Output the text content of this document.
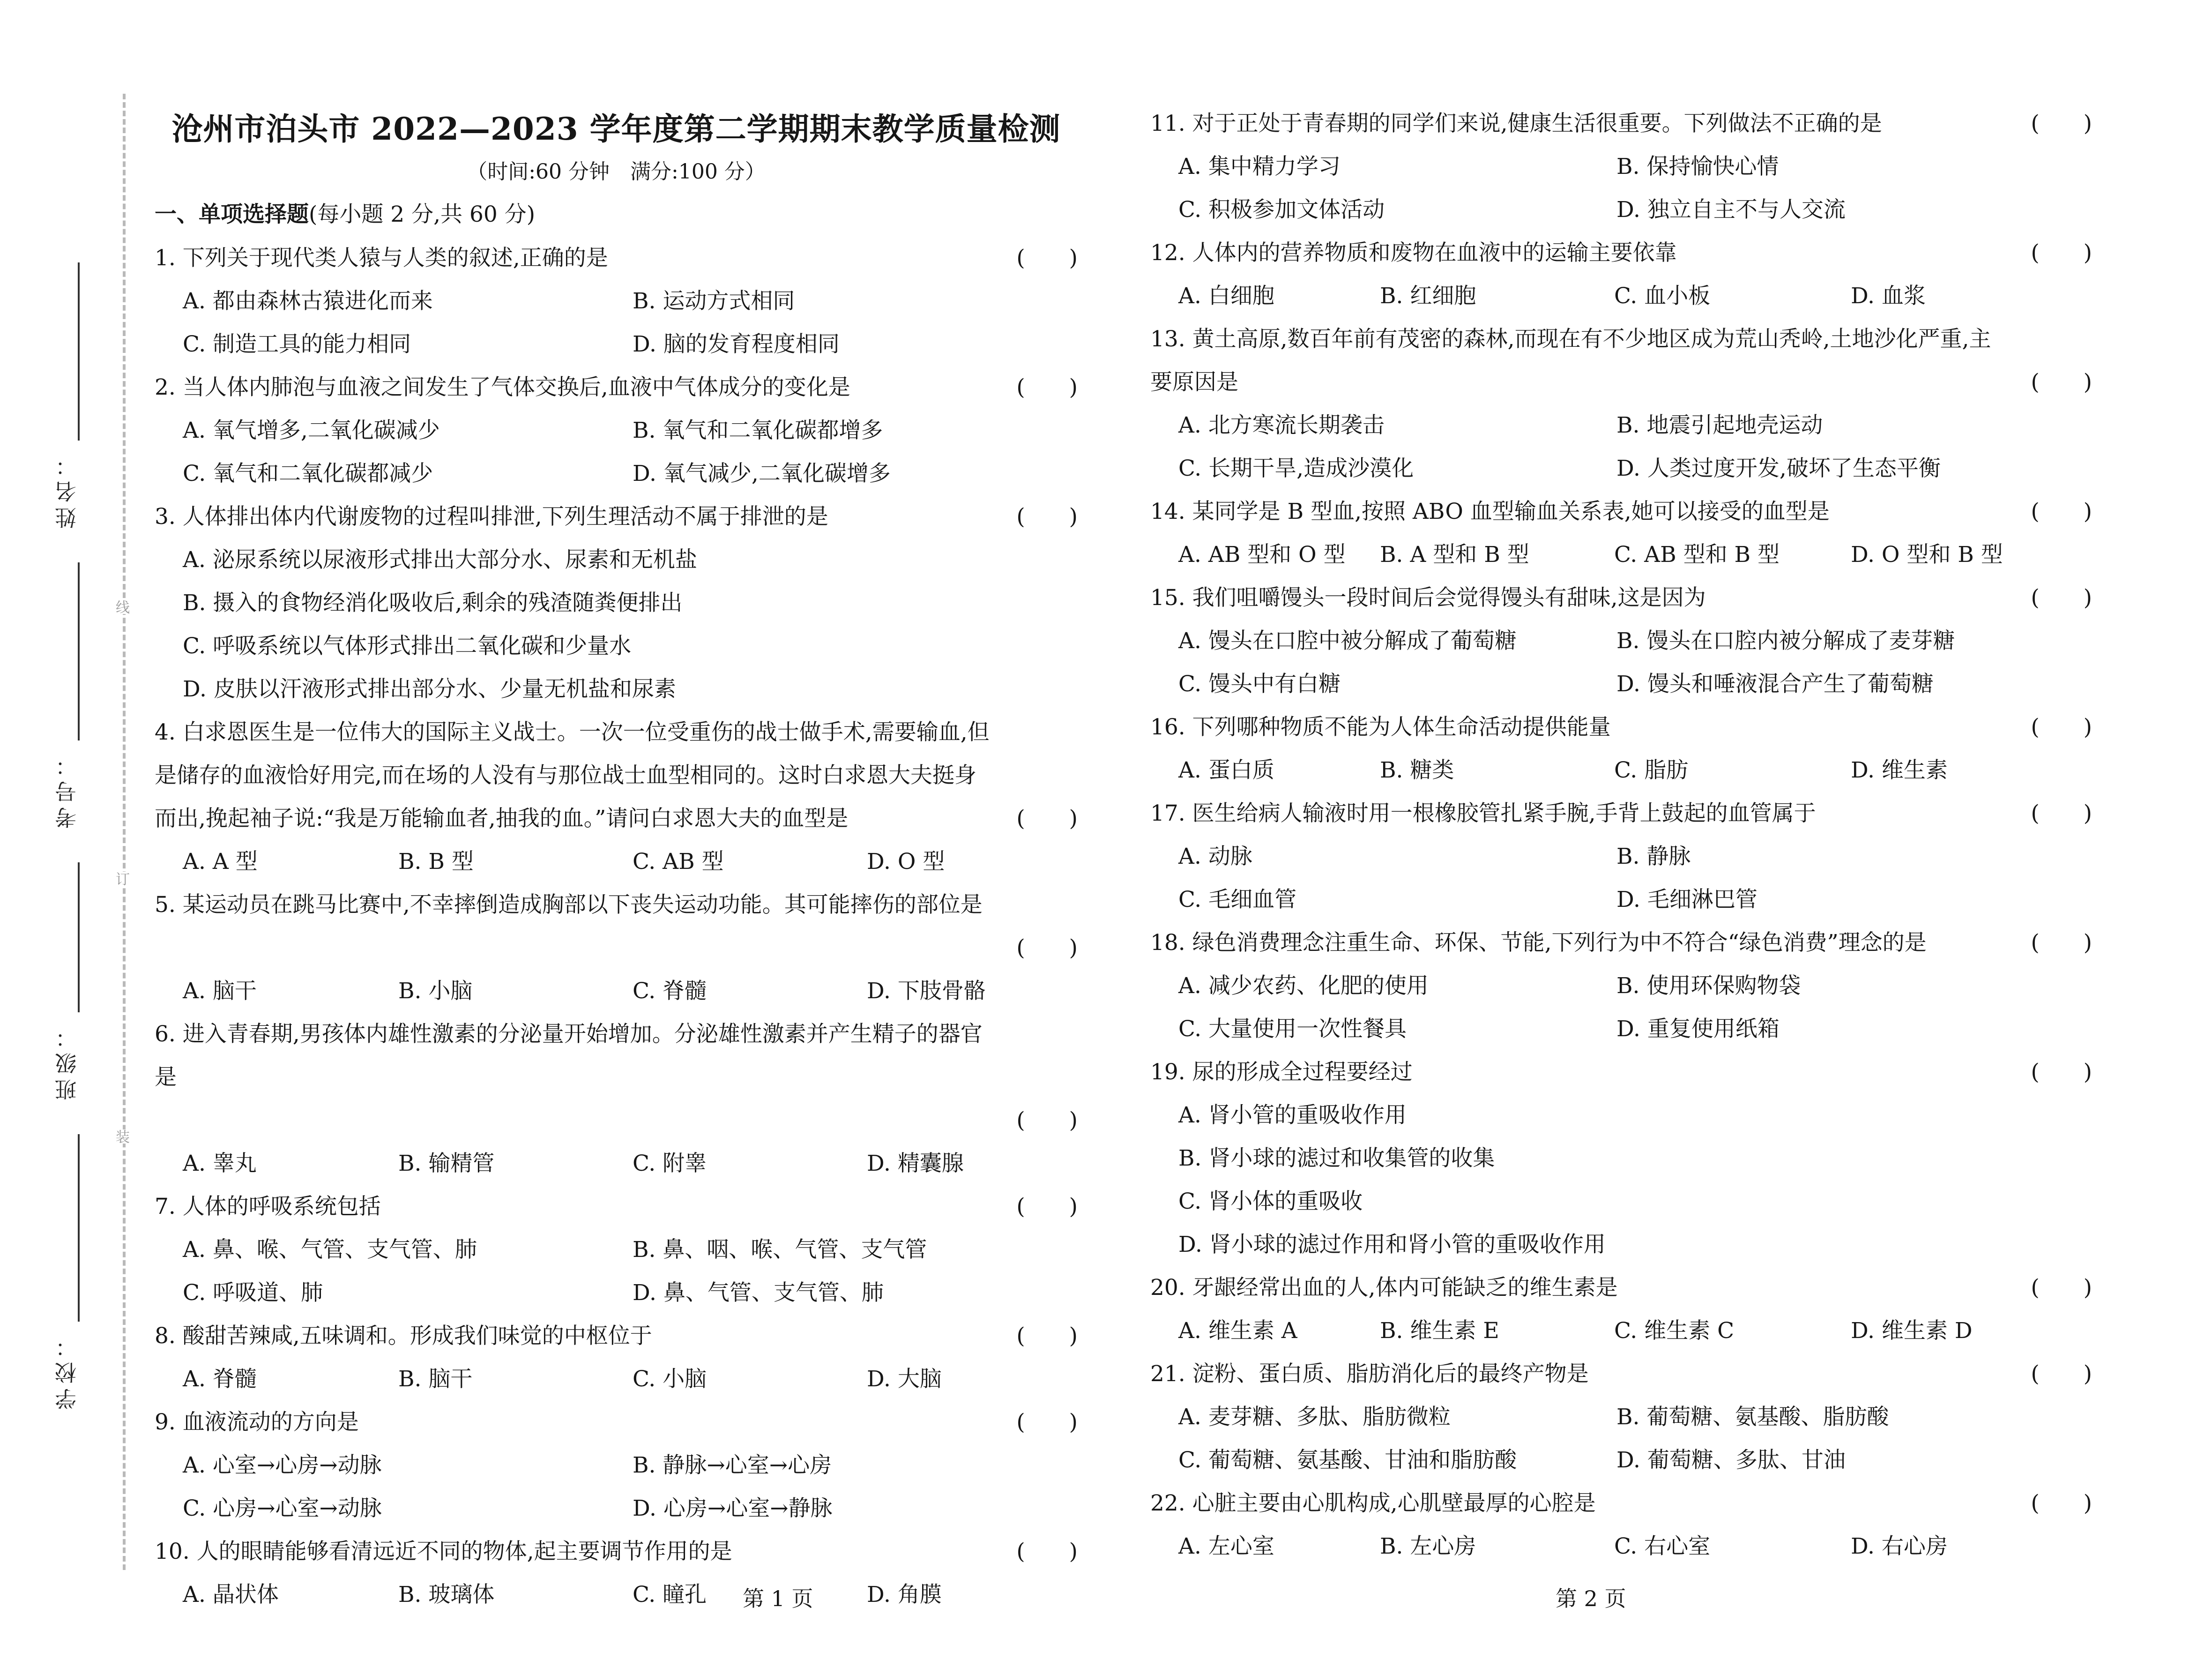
姓名：
考号：
班级：
学校：
线
订
装
沧州市泊头市 2022—2023 学年度第二学期期末教学质量检测
（时间:60 分钟　满分:100 分）
一、单项选择题(每小题 2 分,共 60 分)
1. 下列关于现代类人猿与人类的叙述,正确的是	(　　)
A. 都由森林古猿进化而来	B. 运动方式相同
C. 制造工具的能力相同	D. 脑的发育程度相同
2. 当人体内肺泡与血液之间发生了气体交换后,血液中气体成分的变化是	(　　)
A. 氧气增多,二氧化碳减少	B. 氧气和二氧化碳都增多
C. 氧气和二氧化碳都减少	D. 氧气减少,二氧化碳增多
3. 人体排出体内代谢废物的过程叫排泄,下列生理活动不属于排泄的是	(　　)
A. 泌尿系统以尿液形式排出大部分水、尿素和无机盐
B. 摄入的食物经消化吸收后,剩余的残渣随粪便排出
C. 呼吸系统以气体形式排出二氧化碳和少量水
D. 皮肤以汗液形式排出部分水、少量无机盐和尿素
4. 白求恩医生是一位伟大的国际主义战士。一次一位受重伤的战士做手术,需要输血,但是储存的血液恰好用完,而在场的人没有与那位战士血型相同的。这时白求恩大夫挺身而出,挽起袖子说:“我是万能输血者,抽我的血。”请问白求恩大夫的血型是	(　　)
A. A 型	B. B 型	C. AB 型	D. O 型
5. 某运动员在跳马比赛中,不幸摔倒造成胸部以下丧失运动功能。其可能摔伤的部位是
(　　)
A. 脑干	B. 小脑	C. 脊髓	D. 下肢骨骼
6. 进入青春期,男孩体内雄性激素的分泌量开始增加。分泌雄性激素并产生精子的器官是
(　　)
A. 睾丸	B. 输精管	C. 附睾	D. 精囊腺
7. 人体的呼吸系统包括	(　　)
A. 鼻、喉、气管、支气管、肺	B. 鼻、咽、喉、气管、支气管
C. 呼吸道、肺	D. 鼻、气管、支气管、肺
8. 酸甜苦辣咸,五味调和。形成我们味觉的中枢位于	(　　)
A. 脊髓	B. 脑干	C. 小脑	D. 大脑
9. 血液流动的方向是	(　　)
A. 心室→心房→动脉	B. 静脉→心室→心房
C. 心房→心室→动脉	D. 心房→心室→静脉
10. 人的眼睛能够看清远近不同的物体,起主要调节作用的是	(　　)
A. 晶状体	B. 玻璃体	C. 瞳孔	D. 角膜
第 1 页
11. 对于正处于青春期的同学们来说,健康生活很重要。下列做法不正确的是	(　　)
A. 集中精力学习	B. 保持愉快心情
C. 积极参加文体活动	D. 独立自主不与人交流
12. 人体内的营养物质和废物在血液中的运输主要依靠	(　　)
A. 白细胞	B. 红细胞	C. 血小板	D. 血浆
13. 黄土高原,数百年前有茂密的森林,而现在有不少地区成为荒山秃岭,土地沙化严重,主要原因是	(　　)
A. 北方寒流长期袭击	B. 地震引起地壳运动
C. 长期干旱,造成沙漠化	D. 人类过度开发,破坏了生态平衡
14. 某同学是 B 型血,按照 ABO 血型输血关系表,她可以接受的血型是	(　　)
A. AB 型和 O 型	B. A 型和 B 型	C. AB 型和 B 型	D. O 型和 B 型
15. 我们咀嚼馒头一段时间后会觉得馒头有甜味,这是因为	(　　)
A. 馒头在口腔中被分解成了葡萄糖	B. 馒头在口腔内被分解成了麦芽糖
C. 馒头中有白糖	D. 馒头和唾液混合产生了葡萄糖
16. 下列哪种物质不能为人体生命活动提供能量	(　　)
A. 蛋白质	B. 糖类	C. 脂肪	D. 维生素
17. 医生给病人输液时用一根橡胶管扎紧手腕,手背上鼓起的血管属于	(　　)
A. 动脉	B. 静脉
C. 毛细血管	D. 毛细淋巴管
18. 绿色消费理念注重生命、环保、节能,下列行为中不符合“绿色消费”理念的是	(　　)
A. 减少农药、化肥的使用	B. 使用环保购物袋
C. 大量使用一次性餐具	D. 重复使用纸箱
19. 尿的形成全过程要经过	(　　)
A. 肾小管的重吸收作用
B. 肾小球的滤过和收集管的收集
C. 肾小体的重吸收
D. 肾小球的滤过作用和肾小管的重吸收作用
20. 牙龈经常出血的人,体内可能缺乏的维生素是	(　　)
A. 维生素 A	B. 维生素 E	C. 维生素 C	D. 维生素 D
21. 淀粉、蛋白质、脂肪消化后的最终产物是	(　　)
A. 麦芽糖、多肽、脂肪微粒	B. 葡萄糖、氨基酸、脂肪酸
C. 葡萄糖、氨基酸、甘油和脂肪酸	D. 葡萄糖、多肽、甘油
22. 心脏主要由心肌构成,心肌壁最厚的心腔是	(　　)
A. 左心室	B. 左心房	C. 右心室	D. 右心房
第 2 页
